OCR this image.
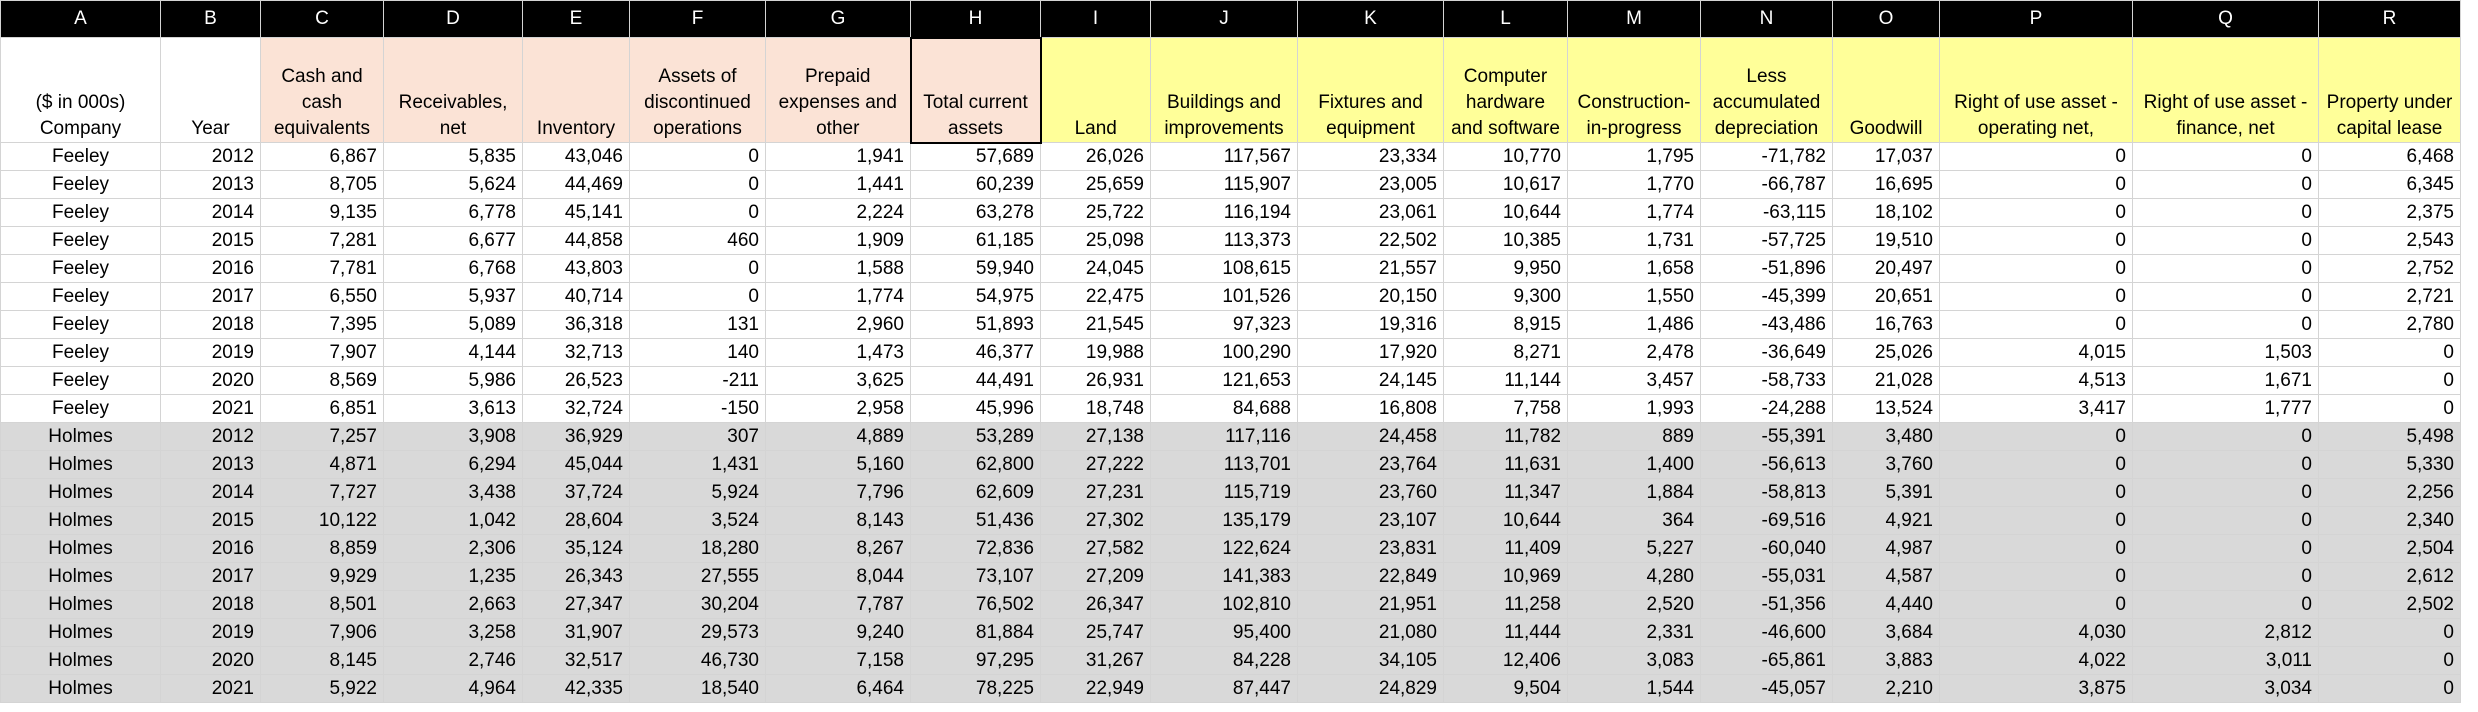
A	B	C	D	E	F	G	H	I	J	K	L	M	N	O	P	Q	R
($ in 000s)
Company	Year	Cash and cash equivalents	Receivables, net	Inventory	Assets of discontinued operations	Prepaid expenses and other	Total current assets	Land	Buildings and improvements	Fixtures and equipment	Computer hardware and software	Construction-in-progress	Less accumulated depreciation	Goodwill	Right of use asset - operating net,	Right of use asset - finance, net	Property under capital lease
Feeley	2012	6,867	5,835	43,046	0	1,941	57,689	26,026	117,567	23,334	10,770	1,795	-71,782	17,037	0	0	6,468
Feeley	2013	8,705	5,624	44,469	0	1,441	60,239	25,659	115,907	23,005	10,617	1,770	-66,787	16,695	0	0	6,345
Feeley	2014	9,135	6,778	45,141	0	2,224	63,278	25,722	116,194	23,061	10,644	1,774	-63,115	18,102	0	0	2,375
Feeley	2015	7,281	6,677	44,858	460	1,909	61,185	25,098	113,373	22,502	10,385	1,731	-57,725	19,510	0	0	2,543
Feeley	2016	7,781	6,768	43,803	0	1,588	59,940	24,045	108,615	21,557	9,950	1,658	-51,896	20,497	0	0	2,752
Feeley	2017	6,550	5,937	40,714	0	1,774	54,975	22,475	101,526	20,150	9,300	1,550	-45,399	20,651	0	0	2,721
Feeley	2018	7,395	5,089	36,318	131	2,960	51,893	21,545	97,323	19,316	8,915	1,486	-43,486	16,763	0	0	2,780
Feeley	2019	7,907	4,144	32,713	140	1,473	46,377	19,988	100,290	17,920	8,271	2,478	-36,649	25,026	4,015	1,503	0
Feeley	2020	8,569	5,986	26,523	-211	3,625	44,491	26,931	121,653	24,145	11,144	3,457	-58,733	21,028	4,513	1,671	0
Feeley	2021	6,851	3,613	32,724	-150	2,958	45,996	18,748	84,688	16,808	7,758	1,993	-24,288	13,524	3,417	1,777	0
Holmes	2012	7,257	3,908	36,929	307	4,889	53,289	27,138	117,116	24,458	11,782	889	-55,391	3,480	0	0	5,498
Holmes	2013	4,871	6,294	45,044	1,431	5,160	62,800	27,222	113,701	23,764	11,631	1,400	-56,613	3,760	0	0	5,330
Holmes	2014	7,727	3,438	37,724	5,924	7,796	62,609	27,231	115,719	23,760	11,347	1,884	-58,813	5,391	0	0	2,256
Holmes	2015	10,122	1,042	28,604	3,524	8,143	51,436	27,302	135,179	23,107	10,644	364	-69,516	4,921	0	0	2,340
Holmes	2016	8,859	2,306	35,124	18,280	8,267	72,836	27,582	122,624	23,831	11,409	5,227	-60,040	4,987	0	0	2,504
Holmes	2017	9,929	1,235	26,343	27,555	8,044	73,107	27,209	141,383	22,849	10,969	4,280	-55,031	4,587	0	0	2,612
Holmes	2018	8,501	2,663	27,347	30,204	7,787	76,502	26,347	102,810	21,951	11,258	2,520	-51,356	4,440	0	0	2,502
Holmes	2019	7,906	3,258	31,907	29,573	9,240	81,884	25,747	95,400	21,080	11,444	2,331	-46,600	3,684	4,030	2,812	0
Holmes	2020	8,145	2,746	32,517	46,730	7,158	97,295	31,267	84,228	34,105	12,406	3,083	-65,861	3,883	4,022	3,011	0
Holmes	2021	5,922	4,964	42,335	18,540	6,464	78,225	22,949	87,447	24,829	9,504	1,544	-45,057	2,210	3,875	3,034	0
